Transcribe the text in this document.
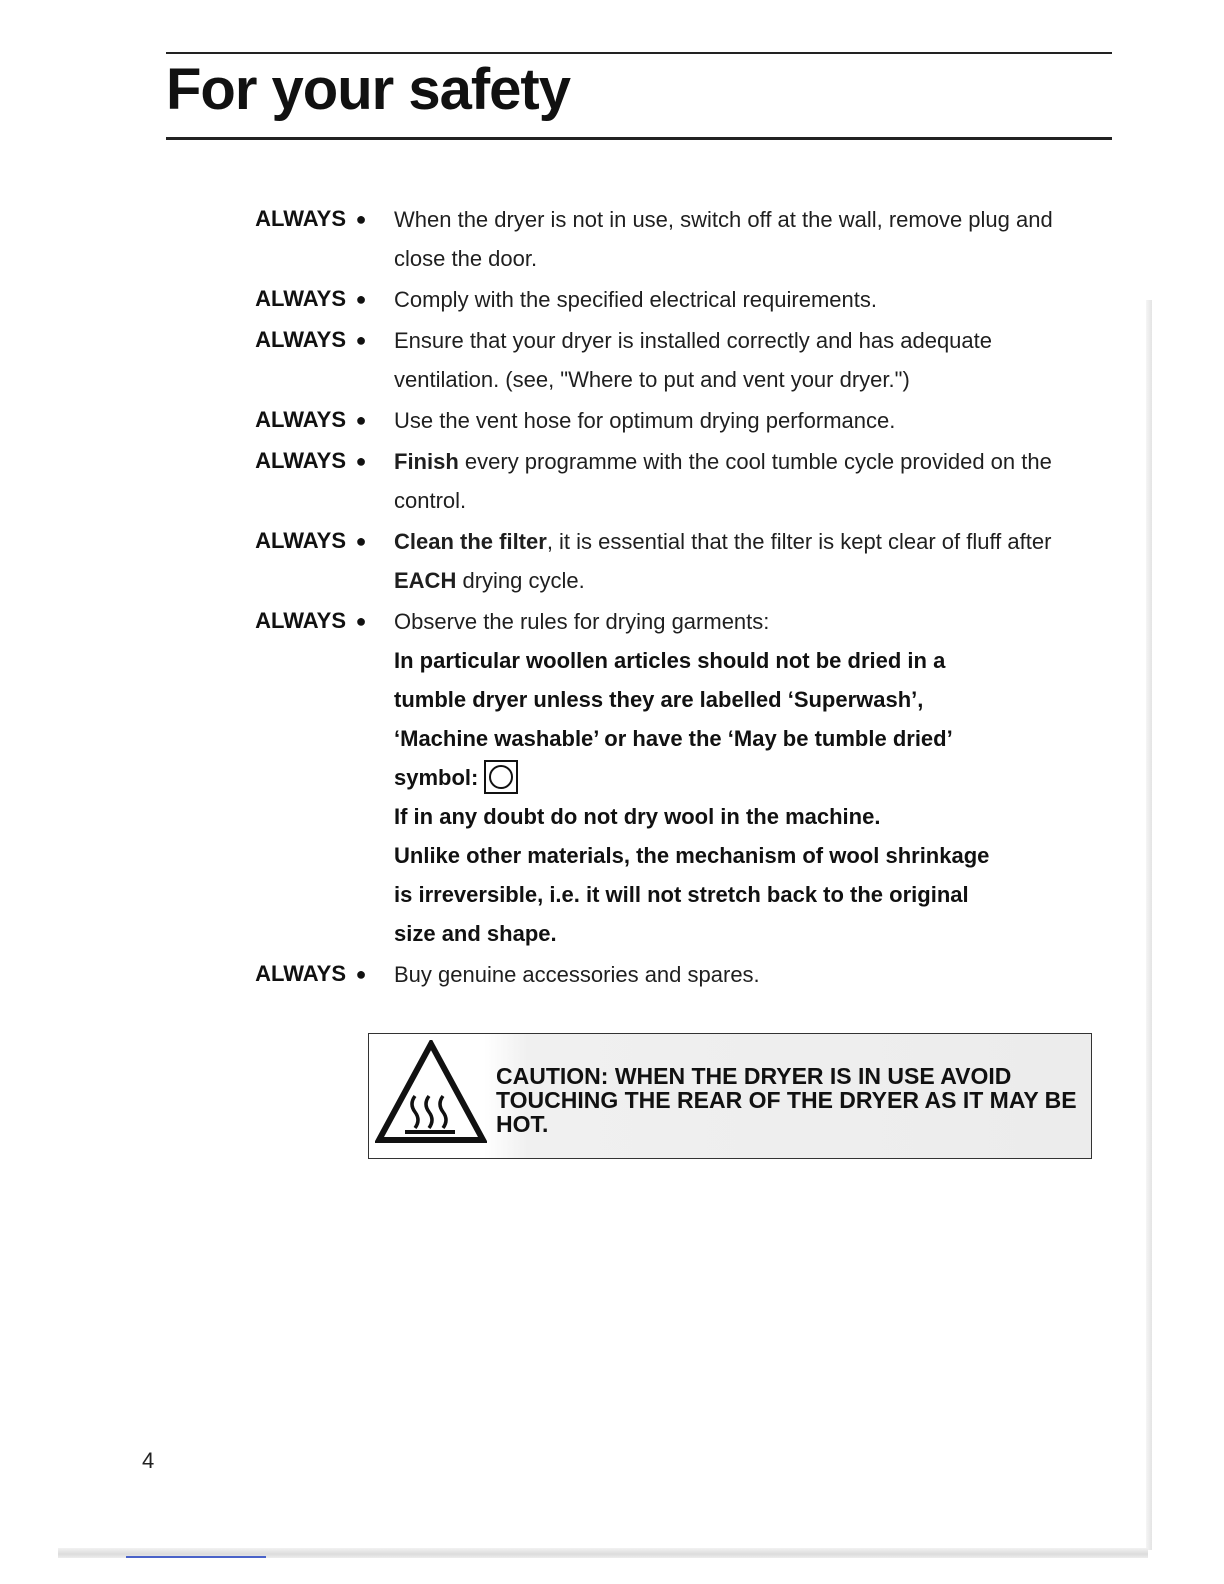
For your safety
ALWAYS ●	When the dryer is not in use, switch off at the wall, remove plug and close the door.
ALWAYS ●	Comply with the specified electrical requirements.
ALWAYS ●	Ensure that your dryer is installed correctly and has adequate ventilation. (see, "Where to put and vent your dryer.")
ALWAYS ●	Use the vent hose for optimum drying performance.
ALWAYS ●	Finish every programme with the cool tumble cycle provided on the control.
ALWAYS ●	Clean the filter, it is essential that the filter is kept clear of fluff after EACH drying cycle.
ALWAYS ●	Observe the rules for drying garments:
In particular woollen articles should not be dried in a tumble dryer unless they are labelled ‘Superwash’, ‘Machine washable’ or have the ‘May be tumble dried’
symbol:
If in any doubt do not dry wool in the machine.
Unlike other materials, the mechanism of wool shrinkage is irreversible, i.e. it will not stretch back to the original size and shape.
ALWAYS ●	Buy genuine accessories and spares.
CAUTION: WHEN THE DRYER IS IN USE AVOID TOUCHING THE REAR OF THE DRYER AS IT MAY BE HOT.
4
